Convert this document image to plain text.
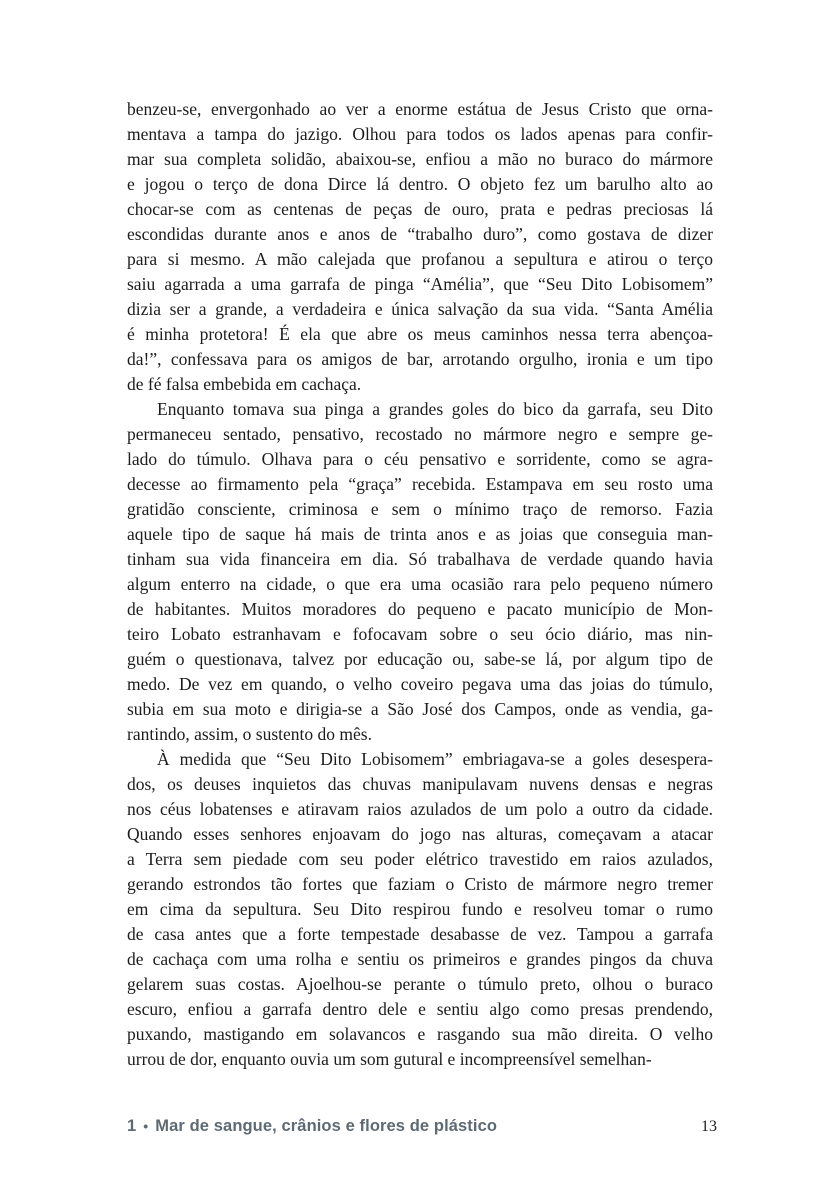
benzeu-se, envergonhado ao ver a enorme estátua de Jesus Cristo que orna-
mentava a tampa do jazigo. Olhou para todos os lados apenas para confir-
mar sua completa solidão, abaixou-se, enfiou a mão no buraco do mármore
e jogou o terço de dona Dirce lá dentro. O objeto fez um barulho alto ao
chocar-se com as centenas de peças de ouro, prata e pedras preciosas lá
escondidas durante anos e anos de “trabalho duro”, como gostava de dizer
para si mesmo. A mão calejada que profanou a sepultura e atirou o terço
saiu agarrada a uma garrafa de pinga “Amélia”, que “Seu Dito Lobisomem”
dizia ser a grande, a verdadeira e única salvação da sua vida. “Santa Amélia
é minha protetora! É ela que abre os meus caminhos nessa terra abençoa-
da!”, confessava para os amigos de bar, arrotando orgulho, ironia e um tipo
de fé falsa embebida em cachaça.
Enquanto tomava sua pinga a grandes goles do bico da garrafa, seu Dito
permaneceu sentado, pensativo, recostado no mármore negro e sempre ge-
lado do túmulo. Olhava para o céu pensativo e sorridente, como se agra-
decesse ao firmamento pela “graça” recebida. Estampava em seu rosto uma
gratidão consciente, criminosa e sem o mínimo traço de remorso. Fazia
aquele tipo de saque há mais de trinta anos e as joias que conseguia man-
tinham sua vida financeira em dia. Só trabalhava de verdade quando havia
algum enterro na cidade, o que era uma ocasião rara pelo pequeno número
de habitantes. Muitos moradores do pequeno e pacato município de Mon-
teiro Lobato estranhavam e fofocavam sobre o seu ócio diário, mas nin-
guém o questionava, talvez por educação ou, sabe-se lá, por algum tipo de
medo. De vez em quando, o velho coveiro pegava uma das joias do túmulo,
subia em sua moto e dirigia-se a São José dos Campos, onde as vendia, ga-
rantindo, assim, o sustento do mês.
À medida que “Seu Dito Lobisomem” embriagava-se a goles desespera-
dos, os deuses inquietos das chuvas manipulavam nuvens densas e negras
nos céus lobatenses e atiravam raios azulados de um polo a outro da cidade.
Quando esses senhores enjoavam do jogo nas alturas, começavam a atacar
a Terra sem piedade com seu poder elétrico travestido em raios azulados,
gerando estrondos tão fortes que faziam o Cristo de mármore negro tremer
em cima da sepultura. Seu Dito respirou fundo e resolveu tomar o rumo
de casa antes que a forte tempestade desabasse de vez. Tampou a garrafa
de cachaça com uma rolha e sentiu os primeiros e grandes pingos da chuva
gelarem suas costas. Ajoelhou-se perante o túmulo preto, olhou o buraco
escuro, enfiou a garrafa dentro dele e sentiu algo como presas prendendo,
puxando, mastigando em solavancos e rasgando sua mão direita. O velho
urrou de dor, enquanto ouvia um som gutural e incompreensível semelhan-
1 • Mar de sangue, crânios e flores de plástico	13
